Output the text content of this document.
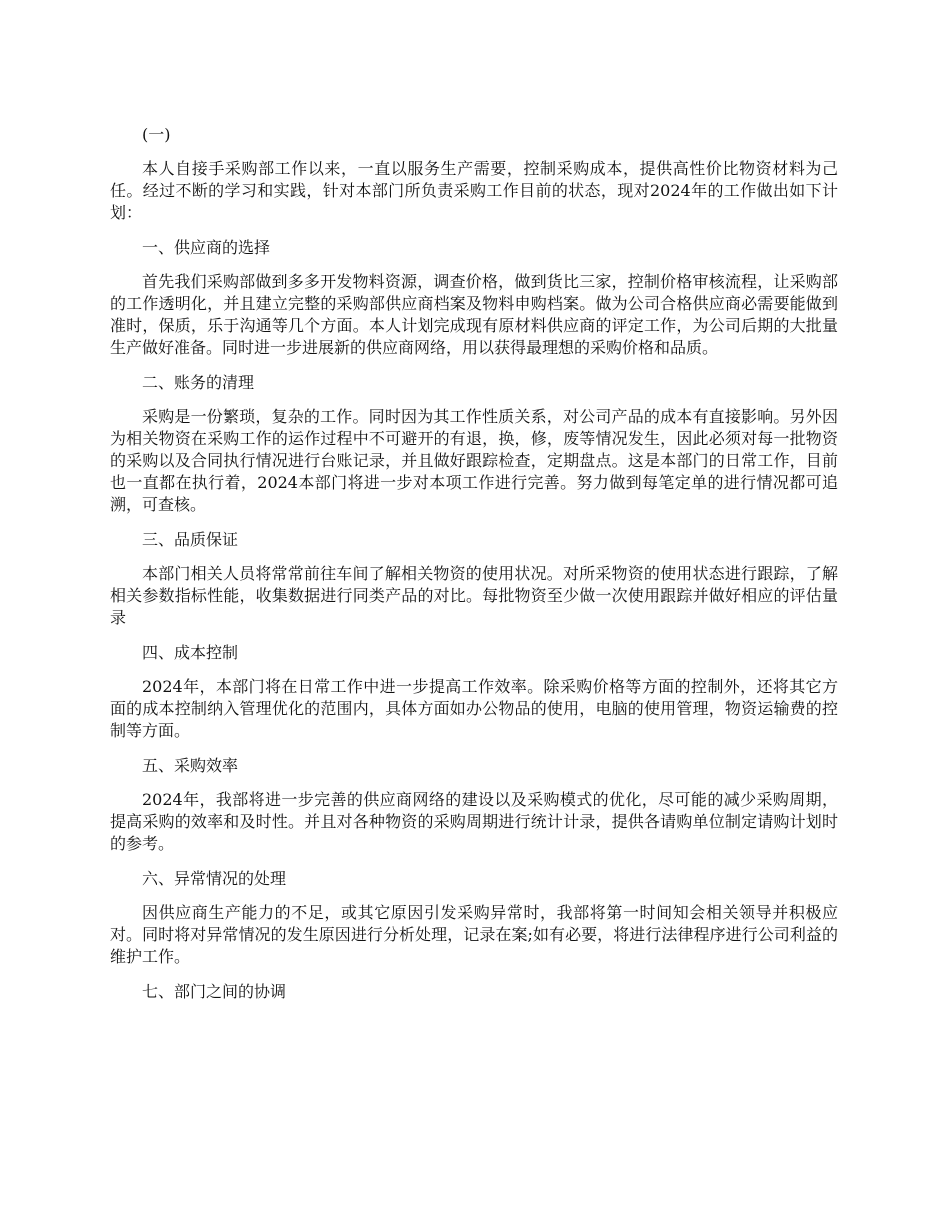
(一)

本人自接手采购部工作以来，一直以服务生产需要，控制采购成本，提供高性价比物资材料为己任。经过不断的学习和实践，针对本部门所负责采购工作目前的状态，现对2024年的工作做出如下计划：

一、供应商的选择

首先我们采购部做到多多开发物料资源，调查价格，做到货比三家，控制价格审核流程，让采购部的工作透明化，并且建立完整的采购部供应商档案及物料申购档案。做为公司合格供应商必需要能做到准时，保质，乐于沟通等几个方面。本人计划完成现有原材料供应商的评定工作，为公司后期的大批量生产做好准备。同时进一步进展新的供应商网络，用以获得最理想的采购价格和品质。

二、账务的清理

采购是一份繁琐，复杂的工作。同时因为其工作性质关系，对公司产品的成本有直接影响。另外因为相关物资在采购工作的运作过程中不可避开的有退，换，修，废等情况发生，因此必须对每一批物资的采购以及合同执行情况进行台账记录，并且做好跟踪检查，定期盘点。这是本部门的日常工作，目前也一直都在执行着，2024本部门将进一步对本项工作进行完善。努力做到每笔定单的进行情况都可追溯，可查核。

三、品质保证

本部门相关人员将常常前往车间了解相关物资的使用状况。对所采物资的使用状态进行跟踪，了解相关参数指标性能，收集数据进行同类产品的对比。每批物资至少做一次使用跟踪并做好相应的评估量录

四、成本控制

2024年，本部门将在日常工作中进一步提高工作效率。除采购价格等方面的控制外，还将其它方面的成本控制纳入管理优化的范围内，具体方面如办公物品的使用，电脑的使用管理，物资运输费的控制等方面。

五、采购效率

2024年，我部将进一步完善的供应商网络的建设以及采购模式的优化，尽可能的减少采购周期，提高采购的效率和及时性。并且对各种物资的采购周期进行统计计录，提供各请购单位制定请购计划时的参考。

六、异常情况的处理

因供应商生产能力的不足，或其它原因引发采购异常时，我部将第一时间知会相关领导并积极应对。同时将对异常情况的发生原因进行分析处理，记录在案;如有必要，将进行法律程序进行公司利益的维护工作。

七、部门之间的协调
